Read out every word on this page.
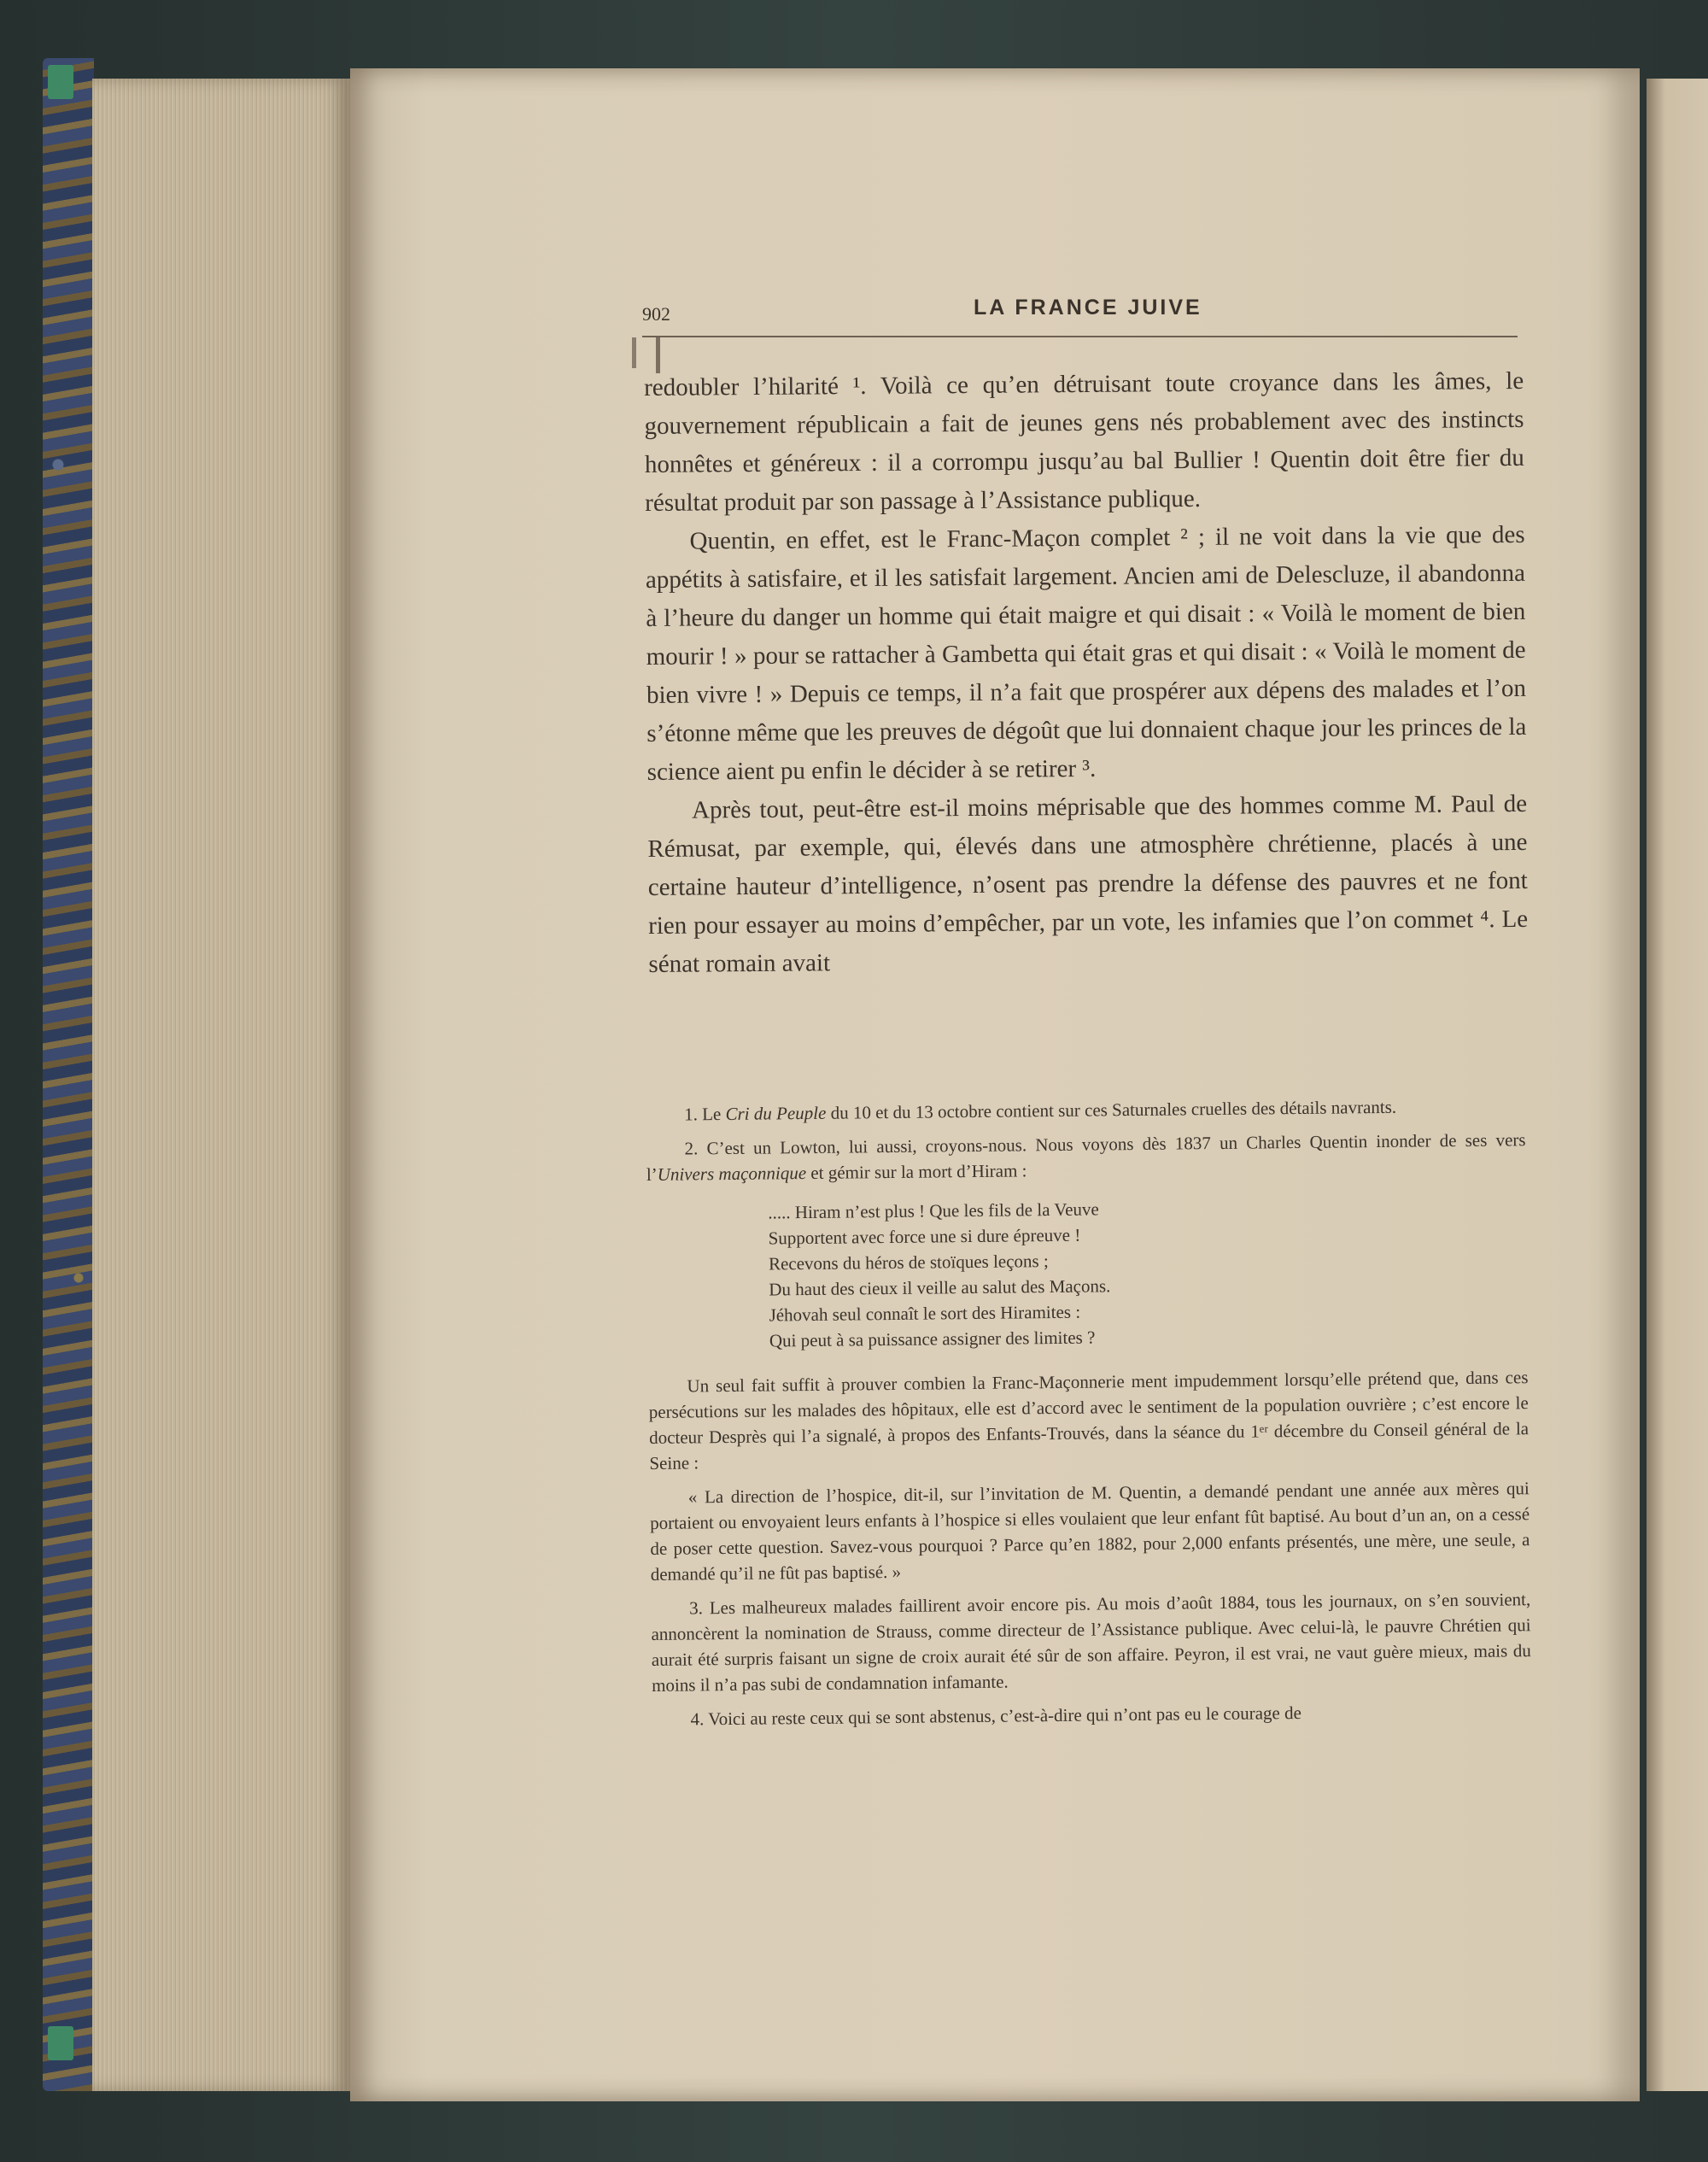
902	LA FRANCE JUIVE

redoubler l’hilarité ¹. Voilà ce qu’en détruisant toute croyance dans les âmes, le gouvernement républicain a fait de jeunes gens nés probablement avec des instincts honnêtes et généreux : il a corrompu jusqu’au bal Bullier ! Quentin doit être fier du résultat produit par son passage à l’Assistance publique.

Quentin, en effet, est le Franc-Maçon complet ² ; il ne voit dans la vie que des appétits à satisfaire, et il les satisfait largement. Ancien ami de Delescluze, il abandonna à l’heure du danger un homme qui était maigre et qui disait : « Voilà le moment de bien mourir ! » pour se rattacher à Gambetta qui était gras et qui disait : « Voilà le moment de bien vivre ! » Depuis ce temps, il n’a fait que prospérer aux dépens des malades et l’on s’étonne même que les preuves de dégoût que lui donnaient chaque jour les princes de la science aient pu enfin le décider à se retirer ³.

Après tout, peut-être est-il moins méprisable que des hommes comme M. Paul de Rémusat, par exemple, qui, élevés dans une atmosphère chrétienne, placés à une certaine hauteur d’intelligence, n’osent pas prendre la défense des pauvres et ne font rien pour essayer au moins d’empêcher, par un vote, les infamies que l’on commet ⁴. Le sénat romain avait

1. Le Cri du Peuple du 10 et du 13 octobre contient sur ces Saturnales cruelles des détails navrants.

2. C’est un Lowton, lui aussi, croyons-nous. Nous voyons dès 1837 un Charles Quentin inonder de ses vers l’Univers maçonnique et gémir sur la mort d’Hiram :

..... Hiram n’est plus ! Que les fils de la Veuve
Supportent avec force une si dure épreuve !
Recevons du héros de stoïques leçons ;
Du haut des cieux il veille au salut des Maçons.
Jéhovah seul connaît le sort des Hiramites :
Qui peut à sa puissance assigner des limites ?

Un seul fait suffit à prouver combien la Franc-Maçonnerie ment impudemment lorsqu’elle prétend que, dans ces persécutions sur les malades des hôpitaux, elle est d’accord avec le sentiment de la population ouvrière ; c’est encore le docteur Desprès qui l’a signalé, à propos des Enfants-Trouvés, dans la séance du 1ᵉʳ décembre du Conseil général de la Seine :

« La direction de l’hospice, dit-il, sur l’invitation de M. Quentin, a demandé pendant une année aux mères qui portaient ou envoyaient leurs enfants à l’hospice si elles voulaient que leur enfant fût baptisé. Au bout d’un an, on a cessé de poser cette question. Savez-vous pourquoi ? Parce qu’en 1882, pour 2,000 enfants présentés, une mère, une seule, a demandé qu’il ne fût pas baptisé. »

3. Les malheureux malades faillirent avoir encore pis. Au mois d’août 1884, tous les journaux, on s’en souvient, annoncèrent la nomination de Strauss, comme directeur de l’Assistance publique. Avec celui-là, le pauvre Chrétien qui aurait été surpris faisant un signe de croix aurait été sûr de son affaire. Peyron, il est vrai, ne vaut guère mieux, mais du moins il n’a pas subi de condamnation infamante.

4. Voici au reste ceux qui se sont abstenus, c’est-à-dire qui n’ont pas eu le courage de
